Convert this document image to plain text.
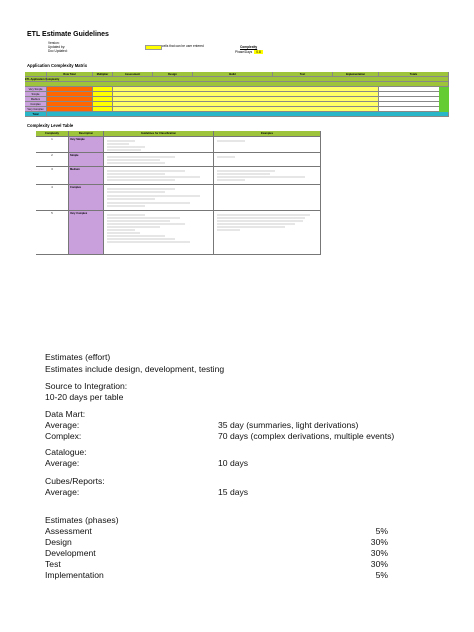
ETL Estimate Guidelines
Version:
Updated by:
Doc Updated:
cells that can be user entered	Complexity
Phase/Days	0.8
Application Complexity Matrix
Row Total	Multiplier	Assessment	Design	Build	Test	Implementation	Totals
ETL Application Complexity
Very Simple
Simple
Medium
Complex
Very Complex
Total
Complexity Level Table
Complexity	Description	Guidelines for Classification	Examples
1	Very Simple
2	Simple
3	Medium
4	Complex
5	Very Complex
Estimates (effort)
Estimates include design, development, testing
Source to Integration:
10-20 days per table
Data Mart:
Average:	35 day (summaries, light derivations)
Complex:	70 days (complex derivations, multiple events)
Catalogue:
Average:	10 days
Cubes/Reports:
Average:	15 days
Estimates (phases)
Assessment	5%
Design	30%
Development	30%
Test	30%
Implementation	5%
